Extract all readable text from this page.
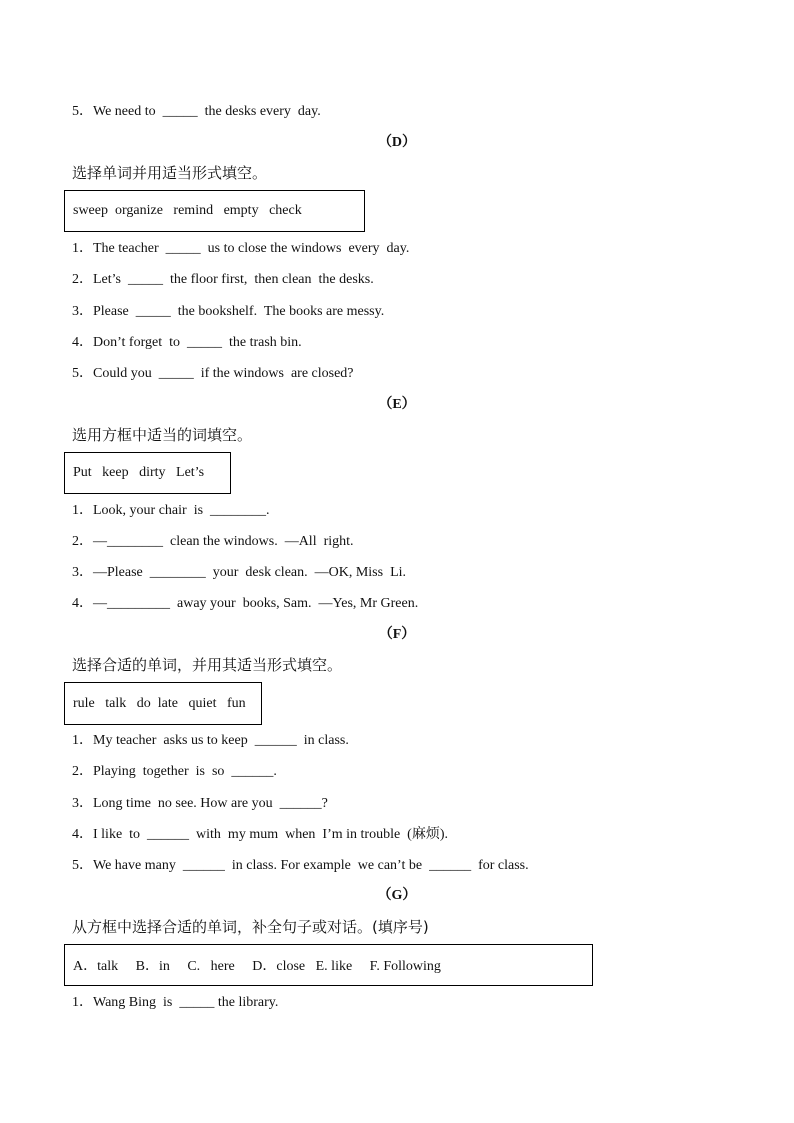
5．We need to  _____  the desks every  day.
（D）
选择单词并用适当形式填空。
sweep  organize   remind   empty   check
1．The teacher  _____  us to close the windows  every  day.
2．Let’s  _____  the floor first,  then clean  the desks.
3．Please  _____  the bookshelf.  The books are messy.
4．Don’t forget  to  _____  the trash bin.
5．Could you  _____  if the windows  are closed?
（E）
选用方框中适当的词填空。
Put   keep   dirty   Let’s
1．Look, your chair  is  ________.
2．—________  clean the windows.  —All  right.
3．—Please  ________  your  desk clean.  —OK, Miss  Li.
4．—_________  away your  books, Sam.  —Yes, Mr Green.
（F）
选择合适的单词，并用其适当形式填空。
rule   talk   do  late   quiet   fun
1．My teacher  asks us to keep  ______  in class.
2．Playing  together  is  so  ______.
3．Long time  no see. How are you  ______?
4．I like  to  ______  with  my mum  when  I’m in trouble  (麻烦).
5．We have many  ______  in class. For example  we can’t be  ______  for class.
（G）
从方框中选择合适的单词，补全句子或对话。(填序号)
A．talk     B．in     C.   here     D．close   E. like     F. Following
1．Wang Bing  is  _____ the library.
